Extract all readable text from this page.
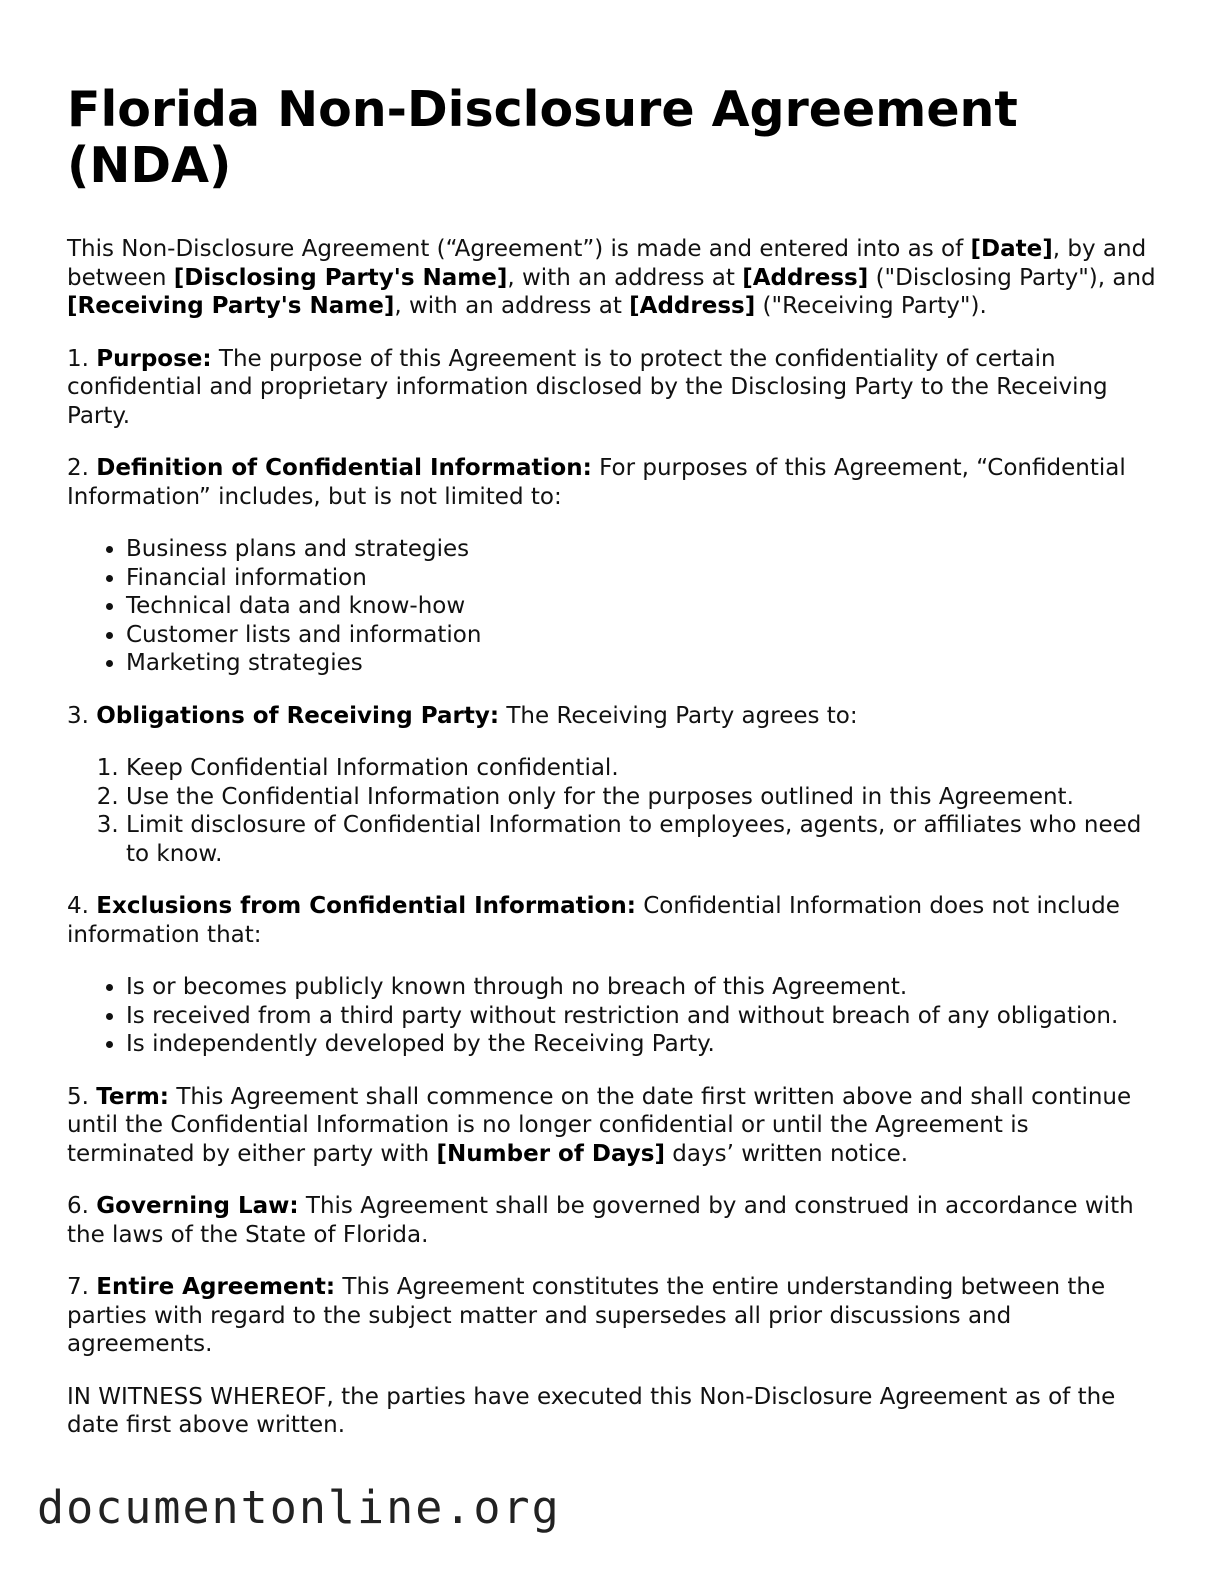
Florida Non-Disclosure Agreement (NDA)

This Non-Disclosure Agreement (“Agreement”) is made and entered into as of [Date], by and between [Disclosing Party's Name], with an address at [Address] ("Disclosing Party"), and [Receiving Party's Name], with an address at [Address] ("Receiving Party").

1. Purpose: The purpose of this Agreement is to protect the confidentiality of certain confidential and proprietary information disclosed by the Disclosing Party to the Receiving Party.

2. Definition of Confidential Information: For purposes of this Agreement, “Confidential Information” includes, but is not limited to:

• Business plans and strategies
• Financial information
• Technical data and know-how
• Customer lists and information
• Marketing strategies

3. Obligations of Receiving Party: The Receiving Party agrees to:

1. Keep Confidential Information confidential.
2. Use the Confidential Information only for the purposes outlined in this Agreement.
3. Limit disclosure of Confidential Information to employees, agents, or affiliates who need to know.

4. Exclusions from Confidential Information: Confidential Information does not include information that:

• Is or becomes publicly known through no breach of this Agreement.
• Is received from a third party without restriction and without breach of any obligation.
• Is independently developed by the Receiving Party.

5. Term: This Agreement shall commence on the date first written above and shall continue until the Confidential Information is no longer confidential or until the Agreement is terminated by either party with [Number of Days] days’ written notice.

6. Governing Law: This Agreement shall be governed by and construed in accordance with the laws of the State of Florida.

7. Entire Agreement: This Agreement constitutes the entire understanding between the parties with regard to the subject matter and supersedes all prior discussions and agreements.

IN WITNESS WHEREOF, the parties have executed this Non-Disclosure Agreement as of the date first above written.

documentonline.org
